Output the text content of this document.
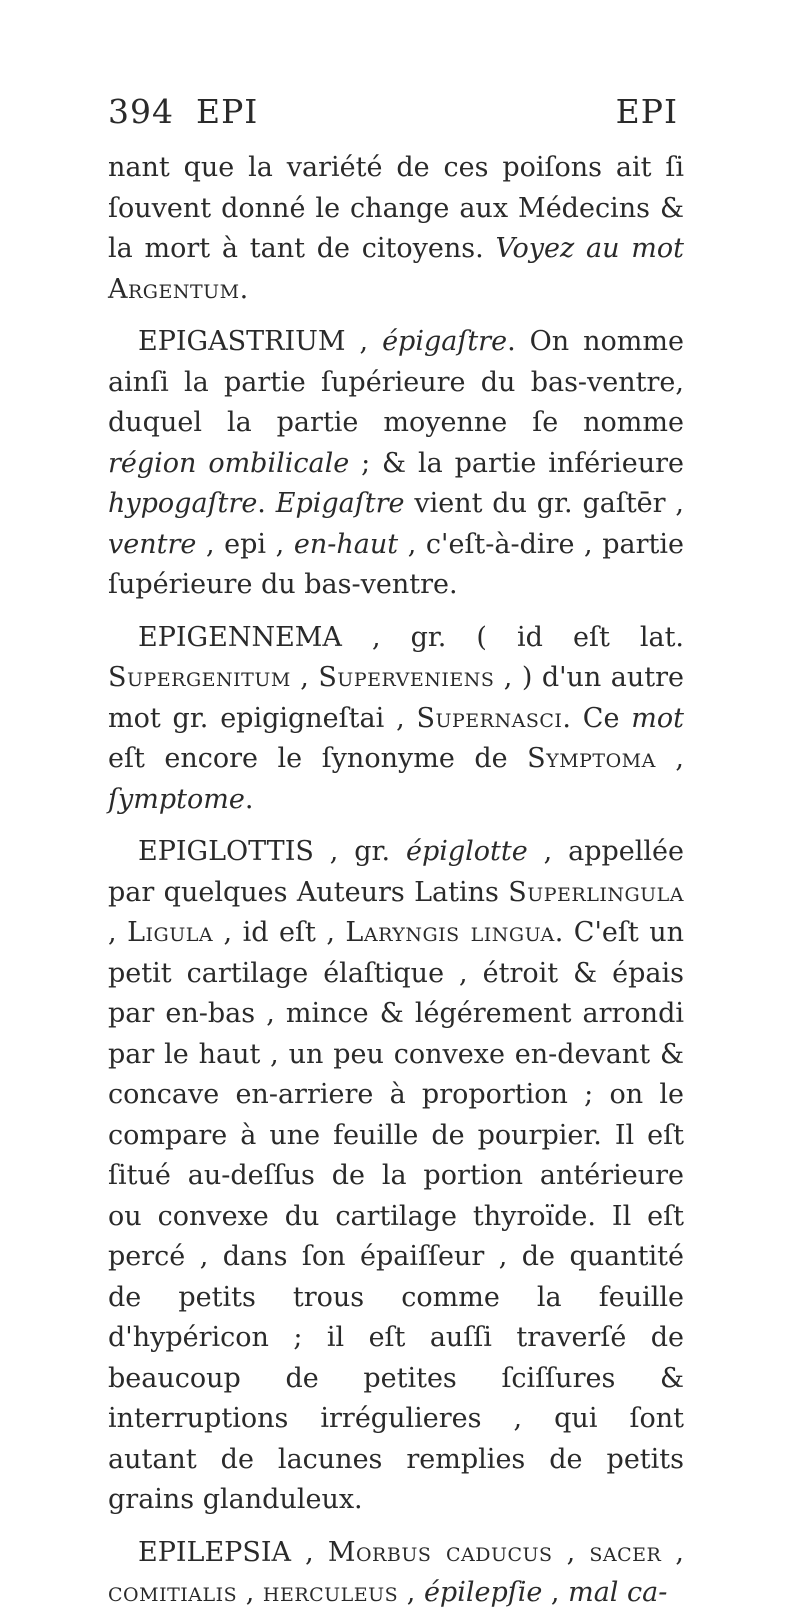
394 EPI	EPI

nant que la variété de ces poiſons ait ſi ſouvent donné le change aux Médecins & la mort à tant de citoyens. Voyez au mot Argentum.

EPIGASTRIUM , épigaſtre. On nomme ainſi la partie ſupérieure du bas-ventre, duquel la partie moyenne ſe nomme région ombilicale ; & la partie inférieure hypogaſtre. Epigaſtre vient du gr. gaſtēr , ventre , epi , en-haut , c'eſt-à-dire , partie ſupérieure du bas-ventre.

EPIGENNEMA , gr. ( id eſt lat. Supergenitum , Superveniens , ) d'un autre mot gr. epigigneſtai , Supernasci. Ce mot eſt encore le ſynonyme de Symptoma , ſymptome.

EPIGLOTTIS , gr. épiglotte , appellée par quelques Auteurs Latins Superlingula , Ligula , id eſt , Laryngis lingua. C'eſt un petit cartilage élaſtique , étroit & épais par en-bas , mince & légérement arrondi par le haut , un peu convexe en-devant & concave en-arriere à proportion ; on le compare à une feuille de pourpier. Il eſt ſitué au-deſſus de la portion antérieure ou convexe du cartilage thyroïde. Il eſt percé , dans ſon épaiſſeur , de quantité de petits trous comme la feuille d'hypéricon ; il eſt auſſi traverſé de beaucoup de petites ſciſſures & interruptions irrégulieres , qui ſont autant de lacunes remplies de petits grains glanduleux.

EPILEPSIA , Morbus caducus , sacer , comitialis , herculeus , épilepſie , mal ca-
